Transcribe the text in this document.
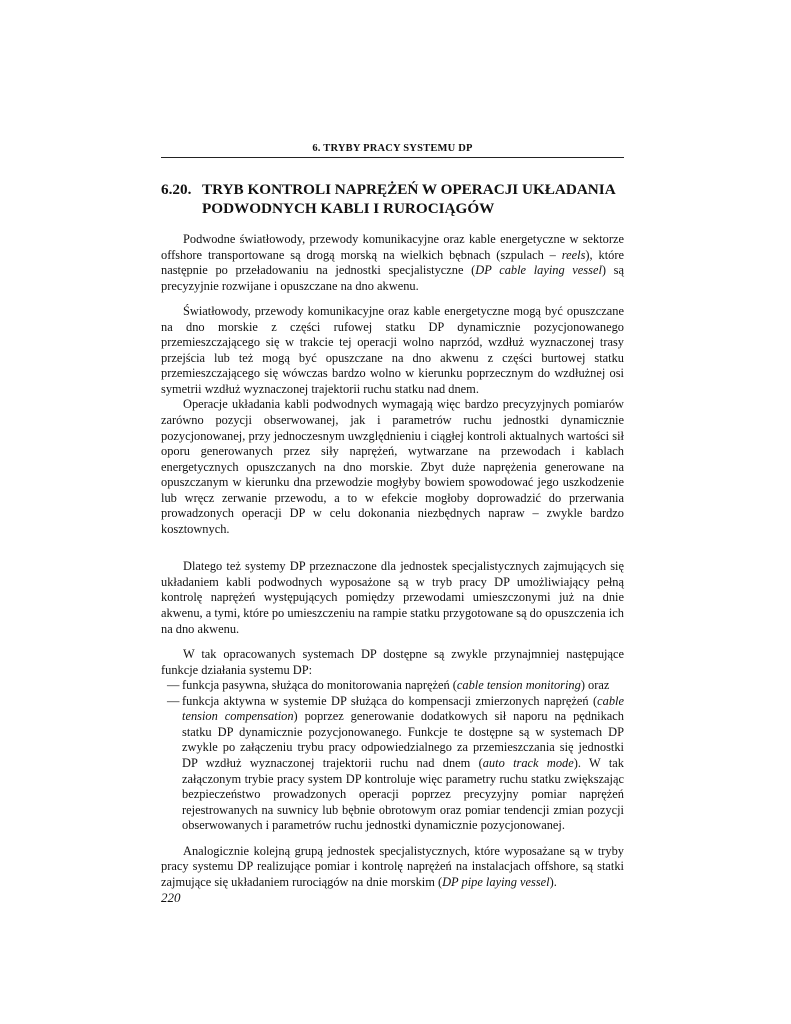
6. TRYBY PRACY SYSTEMU DP
6.20. TRYB KONTROLI NAPRĘŻEŃ W OPERACJI UKŁADANIA PODWODNYCH KABLI I RUROCIĄGÓW

Podwodne światłowody, przewody komunikacyjne oraz kable energetyczne w sektorze offshore transportowane są drogą morską na wielkich bębnach (szpulach – reels), które następnie po przeładowaniu na jednostki specjalistyczne (DP cable laying vessel) są precyzyjnie rozwijane i opuszczane na dno akwenu.

Światłowody, przewody komunikacyjne oraz kable energetyczne mogą być opuszczane na dno morskie z części rufowej statku DP dynamicznie pozycjonowanego przemieszczającego się w trakcie tej operacji wolno naprzód, wzdłuż wyznaczonej trasy przejścia lub też mogą być opuszczane na dno akwenu z części burtowej statku przemieszczającego się wówczas bardzo wolno w kierunku poprzecznym do wzdłużnej osi symetrii wzdłuż wyznaczonej trajektorii ruchu statku nad dnem.

Operacje układania kabli podwodnych wymagają więc bardzo precyzyjnych pomiarów zarówno pozycji obserwowanej, jak i parametrów ruchu jednostki dynamicznie pozycjonowanej, przy jednoczesnym uwzględnieniu i ciągłej kontroli aktualnych wartości sił oporu generowanych przez siły naprężeń, wytwarzane na przewodach i kablach energetycznych opuszczanych na dno morskie. Zbyt duże naprężenia generowane na opuszczanym w kierunku dna przewodzie mogłyby bowiem spowodować jego uszkodzenie lub wręcz zerwanie przewodu, a to w efekcie mogłoby doprowadzić do przerwania prowadzonych operacji DP w celu dokonania niezbędnych napraw – zwykle bardzo kosztownych.

Dlatego też systemy DP przeznaczone dla jednostek specjalistycznych zajmujących się układaniem kabli podwodnych wyposażone są w tryb pracy DP umożliwiający pełną kontrolę naprężeń występujących pomiędzy przewodami umieszczonymi już na dnie akwenu, a tymi, które po umieszczeniu na rampie statku przygotowane są do opuszczenia ich na dno akwenu.

W tak opracowanych systemach DP dostępne są zwykle przynajmniej następujące funkcje działania systemu DP:

— funkcja pasywna, służąca do monitorowania naprężeń (cable tension monitoring) oraz
— funkcja aktywna w systemie DP służąca do kompensacji zmierzonych naprężeń (cable tension compensation) poprzez generowanie dodatkowych sił naporu na pędnikach statku DP dynamicznie pozycjonowanego. Funkcje te dostępne są w systemach DP zwykle po załączeniu trybu pracy odpowiedzialnego za przemieszczania się jednostki DP wzdłuż wyznaczonej trajektorii ruchu nad dnem (auto track mode). W tak załączonym trybie pracy system DP kontroluje więc parametry ruchu statku zwiększając bezpieczeństwo prowadzonych operacji poprzez precyzyjny pomiar naprężeń rejestrowanych na suwnicy lub bębnie obrotowym oraz pomiar tendencji zmian pozycji obserwowanych i parametrów ruchu jednostki dynamicznie pozycjonowanej.

Analogicznie kolejną grupą jednostek specjalistycznych, które wyposażane są w tryby pracy systemu DP realizujące pomiar i kontrolę naprężeń na instalacjach offshore, są statki zajmujące się układaniem rurociągów na dnie morskim (DP pipe laying vessel).

220
